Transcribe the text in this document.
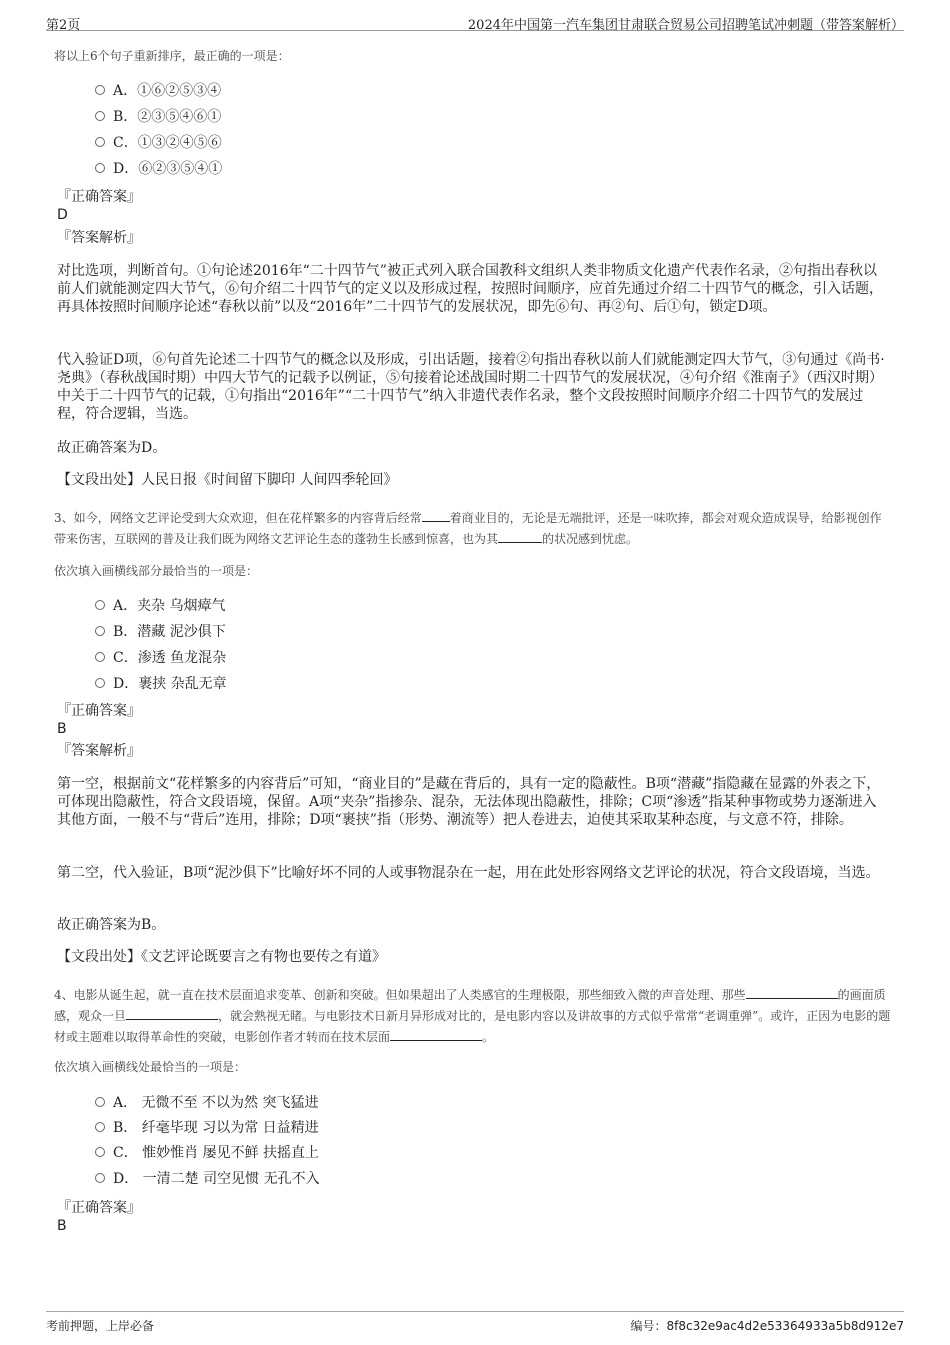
第2页	2024年中国第一汽车集团甘肃联合贸易公司招聘笔试冲刺题（带答案解析）
将以上6个句子重新排序，最正确的一项是：
A．①⑥②⑤③④
B．②③⑤④⑥①
C．①③②④⑤⑥
D．⑥②③⑤④①
『正确答案』
D
『答案解析』
对比选项，判断首句。①句论述2016年“二十四节气”被正式列入联合国教科文组织人类非物质文化遗产代表作名录，②句指出春秋以前人们就能测定四大节气，⑥句介绍二十四节气的定义以及形成过程，按照时间顺序，应首先通过介绍二十四节气的概念，引入话题，再具体按照时间顺序论述“春秋以前”以及“2016年”二十四节气的发展状况，即先⑥句、再②句、后①句，锁定D项。
代入验证D项，⑥句首先论述二十四节气的概念以及形成，引出话题，接着②句指出春秋以前人们就能测定四大节气，③句通过《尚书·尧典》（春秋战国时期）中四大节气的记载予以例证，⑤句接着论述战国时期二十四节气的发展状况，④句介绍《淮南子》（西汉时期）中关于二十四节气的记载，①句指出“2016年”“二十四节气”纳入非遗代表作名录，整个文段按照时间顺序介绍二十四节气的发展过程，符合逻辑，当选。
故正确答案为D。
【文段出处】人民日报《时间留下脚印 人间四季轮回》
3、如今，网络文艺评论受到大众欢迎，但在花样繁多的内容背后经常 着商业目的，无论是无端批评，还是一味吹捧，都会对观众造成误导，给影视创作带来伤害，互联网的普及让我们既为网络文艺评论生态的蓬勃生长感到惊喜，也为其	的状况感到忧虑。
依次填入画横线部分最恰当的一项是：
A．夹杂 乌烟瘴气
B．潜藏 泥沙俱下
C．渗透 鱼龙混杂
D．裹挟 杂乱无章
『正确答案』
B
『答案解析』
第一空，根据前文“花样繁多的内容背后”可知，“商业目的”是藏在背后的，具有一定的隐蔽性。B项“潜藏”指隐藏在显露的外表之下，可体现出隐蔽性，符合文段语境，保留。A项“夹杂”指掺杂、混杂，无法体现出隐蔽性，排除；C项“渗透”指某种事物或势力逐渐进入其他方面，一般不与“背后”连用，排除；D项“裹挟”指（形势、潮流等）把人卷进去，迫使其采取某种态度，与文意不符，排除。
第二空，代入验证，B项“泥沙俱下”比喻好坏不同的人或事物混杂在一起，用在此处形容网络文艺评论的状况，符合文段语境，当选。
故正确答案为B。
【文段出处】《文艺评论既要言之有物也要传之有道》
4、电影从诞生起，就一直在技术层面追求变革、创新和突破。但如果超出了人类感官的生理极限，那些细致入微的声音处理、那些	的画面质感，观众一旦	，就会熟视无睹。与电影技术日新月异形成对比的，是电影内容以及讲故事的方式似乎常常“老调重弹”。或许，正因为电影的题材或主题难以取得革命性的突破，电影创作者才转而在技术层面	。
依次填入画横线处最恰当的一项是：
A． 无微不至 不以为然 突飞猛进
B． 纤毫毕现 习以为常 日益精进
C． 惟妙惟肖 屡见不鲜 扶摇直上
D． 一清二楚 司空见惯 无孔不入
『正确答案』
B
考前押题，上岸必备	编号：8f8c32e9ac4d2e53364933a5b8d912e7
